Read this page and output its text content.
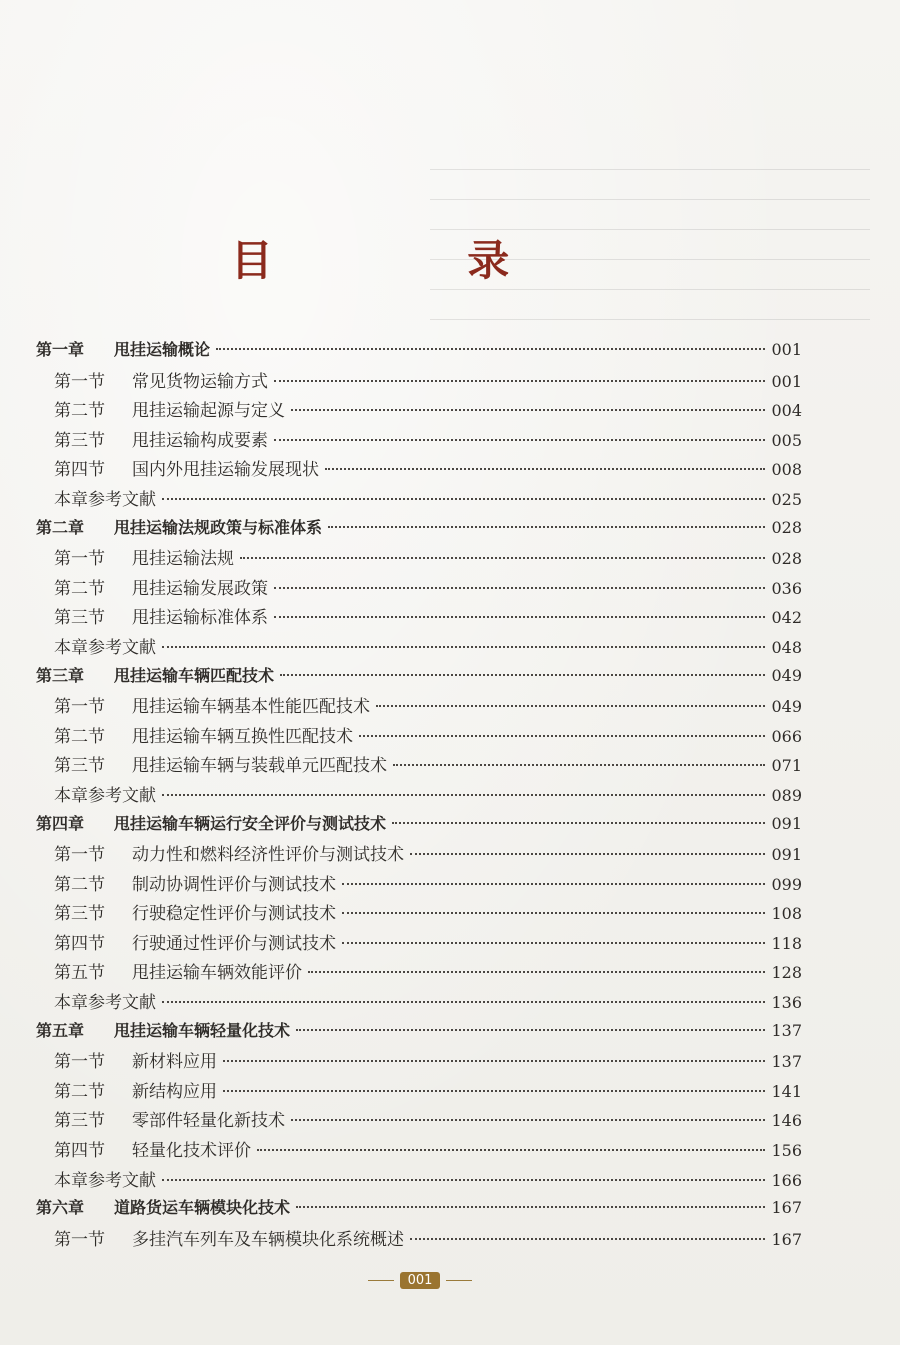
目 录
第一章	甩挂运输概论	001
第一节	常见货物运输方式	001
第二节	甩挂运输起源与定义	004
第三节	甩挂运输构成要素	005
第四节	国内外甩挂运输发展现状	008
本章参考文献	025
第二章	甩挂运输法规政策与标准体系	028
第一节	甩挂运输法规	028
第二节	甩挂运输发展政策	036
第三节	甩挂运输标准体系	042
本章参考文献	048
第三章	甩挂运输车辆匹配技术	049
第一节	甩挂运输车辆基本性能匹配技术	049
第二节	甩挂运输车辆互换性匹配技术	066
第三节	甩挂运输车辆与装载单元匹配技术	071
本章参考文献	089
第四章	甩挂运输车辆运行安全评价与测试技术	091
第一节	动力性和燃料经济性评价与测试技术	091
第二节	制动协调性评价与测试技术	099
第三节	行驶稳定性评价与测试技术	108
第四节	行驶通过性评价与测试技术	118
第五节	甩挂运输车辆效能评价	128
本章参考文献	136
第五章	甩挂运输车辆轻量化技术	137
第一节	新材料应用	137
第二节	新结构应用	141
第三节	零部件轻量化新技术	146
第四节	轻量化技术评价	156
本章参考文献	166
第六章	道路货运车辆模块化技术	167
第一节	多挂汽车列车及车辆模块化系统概述	167
001
